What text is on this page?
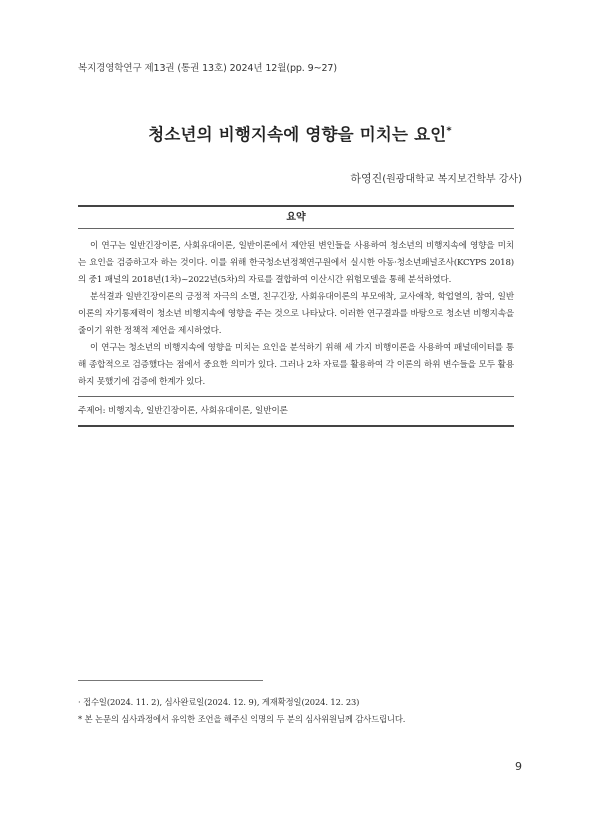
복지경영학연구 제13권 (통권 13호) 2024년 12월(pp. 9~27)
청소년의 비행지속에 영향을 미치는 요인*
하영진(원광대학교 복지보건학부 강사)
요약

이 연구는 일반긴장이론, 사회유대이론, 일반이론에서 제안된 변인들을 사용하여 청소년의 비행지속에 영향을 미치는 요인을 검증하고자 하는 것이다. 이를 위해 한국청소년정책연구원에서 실시한 아동·청소년패널조사(KCYPS 2018)의 중1 패널의 2018년(1차)~2022년(5차)의 자료를 결합하여 이산시간 위험모델을 통해 분석하였다.

분석결과 일반긴장이론의 긍정적 자극의 소멸, 친구긴장, 사회유대이론의 부모애착, 교사애착, 학업열의, 참여, 일반이론의 자기통제력이 청소년 비행지속에 영향을 주는 것으로 나타났다. 이러한 연구결과를 바탕으로 청소년 비행지속을 줄이기 위한 정책적 제언을 제시하였다.

이 연구는 청소년의 비행지속에 영향을 미치는 요인을 분석하기 위해 세 가지 비행이론을 사용하여 패널데이터를 통해 종합적으로 검증했다는 점에서 중요한 의미가 있다. 그러나 2차 자료를 활용하여 각 이론의 하위 변수들을 모두 활용하지 못했기에 검증에 한계가 있다.

주제어: 비행지속, 일반긴장이론, 사회유대이론, 일반이론

· 접수일(2024. 11. 2), 심사완료일(2024. 12. 9), 게재확정일(2024. 12. 23)

* 본 논문의 심사과정에서 유익한 조언을 해주신 익명의 두 분의 심사위원님께 감사드립니다.

9
